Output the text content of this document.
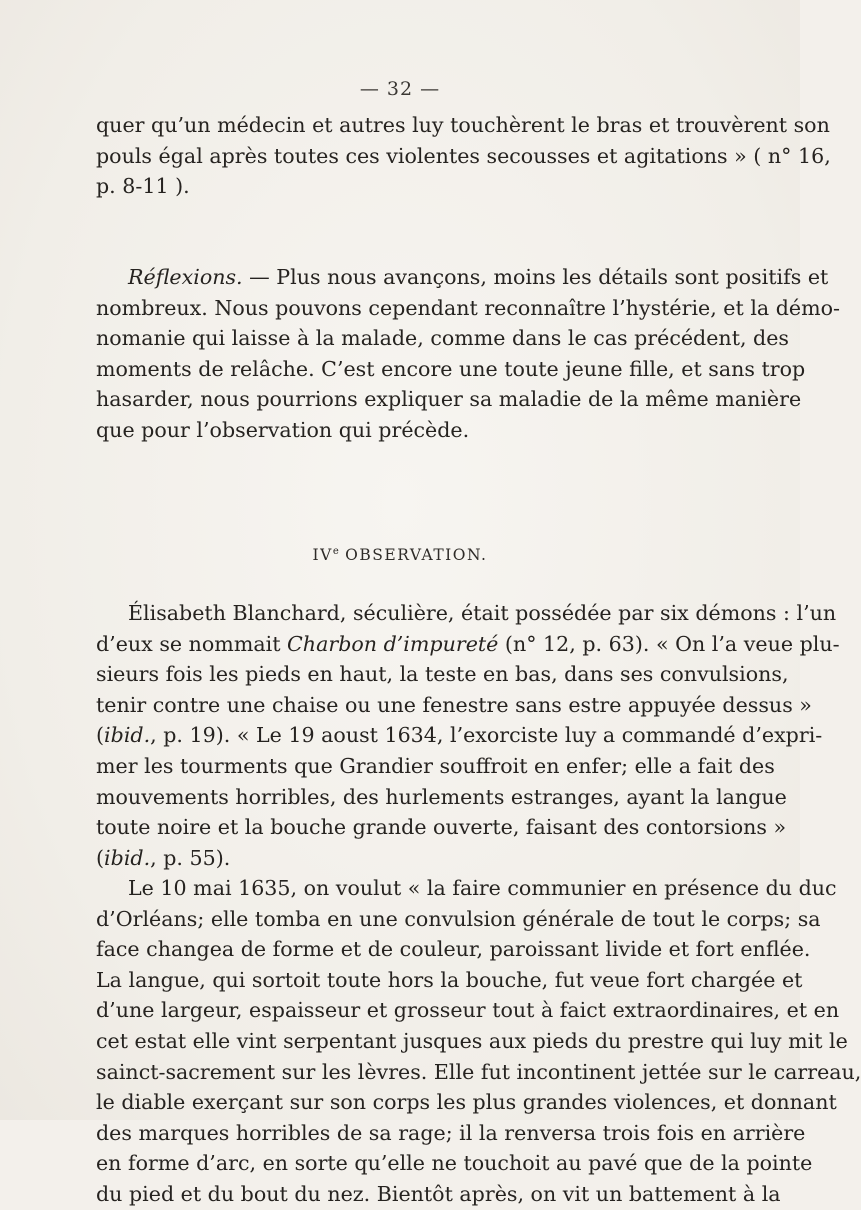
— 32 —
quer qu’un médecin et autres luy touchèrent le bras et trouvèrent son
pouls égal après toutes ces violentes secousses et agitations » ( n° 16,
p. 8-11 ).
Réflexions. — Plus nous avançons, moins les détails sont positifs et
nombreux. Nous pouvons cependant reconnaître l’hystérie, et la démo-
nomanie qui laisse à la malade, comme dans le cas précédent, des
moments de relâche. C’est encore une toute jeune fille, et sans trop
hasarder, nous pourrions expliquer sa maladie de la même manière
que pour l’observation qui précède.
IVe OBSERVATION.
Élisabeth Blanchard, séculière, était possédée par six démons : l’un
d’eux se nommait Charbon d’impureté (n° 12, p. 63). « On l’a veue plu-
sieurs fois les pieds en haut, la teste en bas, dans ses convulsions,
tenir contre une chaise ou une fenestre sans estre appuyée dessus »
(ibid., p. 19). « Le 19 aoust 1634, l’exorciste luy a commandé d’expri-
mer les tourments que Grandier souffroit en enfer; elle a fait des
mouvements horribles, des hurlements estranges, ayant la langue
toute noire et la bouche grande ouverte, faisant des contorsions »
(ibid., p. 55).
Le 10 mai 1635, on voulut « la faire communier en présence du duc
d’Orléans; elle tomba en une convulsion générale de tout le corps; sa
face changea de forme et de couleur, paroissant livide et fort enflée.
La langue, qui sortoit toute hors la bouche, fut veue fort chargée et
d’une largeur, espaisseur et grosseur tout à faict extraordinaires, et en
cet estat elle vint serpentant jusques aux pieds du prestre qui luy mit le
sainct-sacrement sur les lèvres. Elle fut incontinent jettée sur le carreau,
le diable exerçant sur son corps les plus grandes violences, et donnant
des marques horribles de sa rage; il la renversa trois fois en arrière
en forme d’arc, en sorte qu’elle ne touchoit au pavé que de la pointe
du pied et du bout du nez. Bientôt après, on vit un battement à la
